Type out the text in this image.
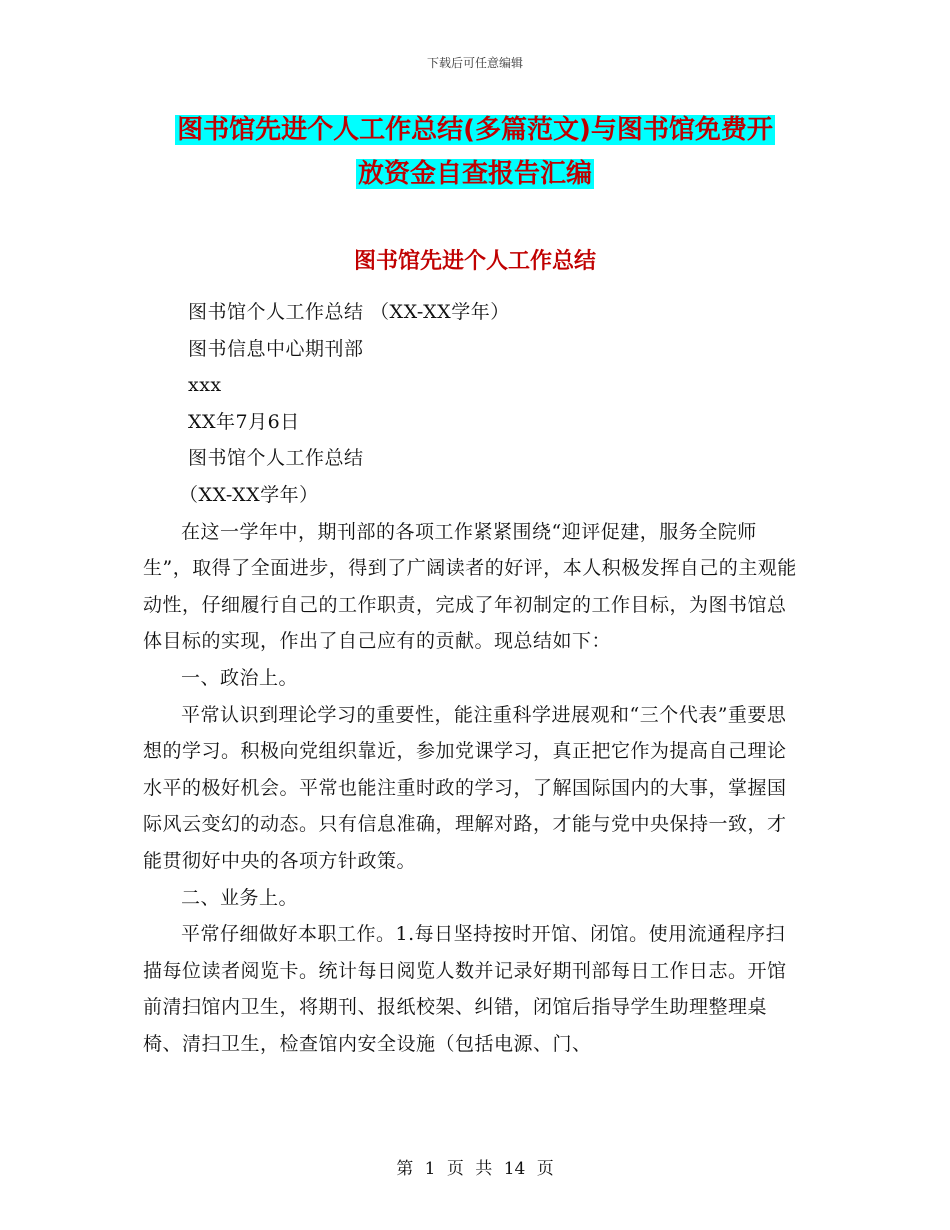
下载后可任意编辑
图书馆先进个人工作总结(多篇范文)与图书馆免费开
放资金自查报告汇编
图书馆先进个人工作总结

图书馆个人工作总结 （XX-XX学年）

图书信息中心期刊部

xxx

XX年7月6日

图书馆个人工作总结

（XX-XX学年）

在这一学年中，期刊部的各项工作紧紧围绕“迎评促建，服务全院师生”，取得了全面进步，得到了广阔读者的好评，本人积极发挥自己的主观能动性，仔细履行自己的工作职责，完成了年初制定的工作目标，为图书馆总体目标的实现，作出了自己应有的贡献。现总结如下：

一、政治上。

平常认识到理论学习的重要性，能注重科学进展观和“三个代表”重要思想的学习。积极向党组织靠近，参加党课学习，真正把它作为提高自己理论水平的极好机会。平常也能注重时政的学习，了解国际国内的大事，掌握国际风云变幻的动态。只有信息准确，理解对路，才能与党中央保持一致，才能贯彻好中央的各项方针政策。

二、业务上。

平常仔细做好本职工作。1.每日坚持按时开馆、闭馆。使用流通程序扫描每位读者阅览卡。统计每日阅览人数并记录好期刊部每日工作日志。开馆前清扫馆内卫生，将期刊、报纸校架、纠错，闭馆后指导学生助理整理桌椅、清扫卫生，检查馆内安全设施（包括电源、门、

第 1 页 共 14 页
